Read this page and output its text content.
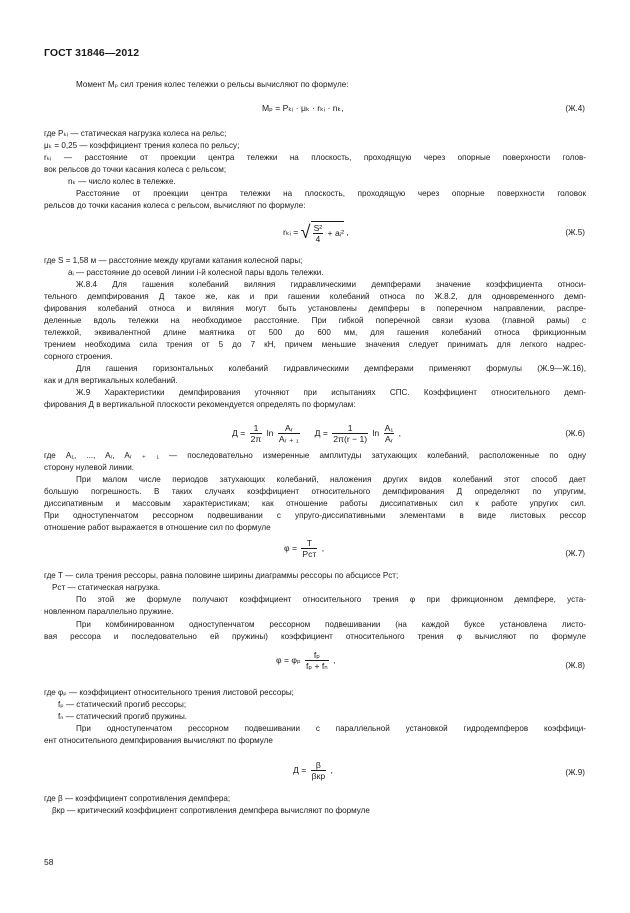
ГОСТ 31846—2012
Момент Mₚ сил трения колес тележки о рельсы вычисляют по формуле:
Mₚ = Pₖᵢ · μₖ · rₖᵢ · nₖ,	(Ж.4)
где Pₖᵢ — статическая нагрузка колеса на рельс;
μₖ = 0,25 — коэффициент трения колеса по рельсу;
rₖᵢ — расстояние от проекции центра тележки на плоскость, проходящую через опорные поверхности голов-
вок рельсов до точки касания колеса с рельсом;
nₖ — число колес в тележке.
Расстояние от проекции центра тележки на плоскость, проходящую через опорные поверхности головок
рельсов до точки касания колеса с рельсом, вычисляют по формуле:
rₖᵢ = √ $\frac{\text{S²}}{4}$ + aᵢ² ,	(Ж.5)
где S = 1,58 м — расстояние между кругами катания колесной пары;
aᵢ — расстояние до осевой линии i-й колесной пары вдоль тележки.
Ж.8.4 Для гашения колебаний виляния гидравлическими демпферами значение коэффициента относи-
тельного демпфирования Д такое же, как и при гашении колебаний относа по Ж.8.2, для одновременного демп-
фирования колебаний относа и виляния могут быть установлены демпферы в поперечном направлении, распре-
деленные вдоль тележки на необходимое расстояние. При гибкой поперечной связи кузова (главной рамы) с
тележкой, эквивалентной длине маятника от 500 до 600 мм, для гашения колебаний относа фрикционным
трением необходима сила трения от 5 до 7 кН, причем меньшие значения следует принимать для легкого надрес-
сорного строения.
Для гашения горизонтальных колебаний гидравлическими демпферами применяют формулы (Ж.9—Ж.16),
как и для вертикальных колебаний.
Ж.9 Характеристики демпфирования уточняют при испытаниях СПС. Коэффициент относительного демп-
фирования Д в вертикальной плоскости рекомендуется определять по формулам:
$Д = \frac{1}{2\pi}$ $\ln \frac{\text{Aᵣ}}{\text{Aᵣ ₊ ₁}}$ $Д = \frac{1}{2\pi(r - 1)}$ $\ln \frac{\text{A₁}}{\text{Aᵣ}}$ ,	(Ж.6)
где A₁, ..., Aᵣ, Aᵣ ₊ ₁ — последовательно измеренные амплитуды затухающих колебаний, расположенные по одну
сторону нулевой линии.
При малом числе периодов затухающих колебаний, наложения других видов колебаний этот способ дает
большую погрешность. В таких случаях коэффициент относительного демпфирования Д определяют по упругим,
диссипативным и массовым характеристикам; как отношение работы диссипативных сил к работе упругих сил.
При одноступенчатом рессорном подвешивании с упруго-диссипативными элементами в виде листовых рессор
отношение работ выражается в отношение сил по формуле
$\varphi = \frac{T}{\text{Pст}}$ ,
(Ж.7)
где T — сила трения рессоры, равна половине ширины диаграммы рессоры по абсциссе Pст;
Pст — статическая нагрузка.
По этой же формуле получают коэффициент относительного трения φ при фрикционном демпфере, уста-
новленном параллельно пружине.
При комбинированном одноступенчатом рессорном подвешивании (на каждой буксе установлена листо-
вая рессора и последовательно ей пружины) коэффициент относительного трения φ вычисляют по формуле
φ = φₚ $\frac{\text{fₚ}}{\text{fₚ + fₙ}}$ ,
(Ж.8)
где φₚ — коэффициент относительного трения листовой рессоры;
fₚ — статический прогиб рессоры;
fₙ — статический прогиб пружины.
При одноступенчатом рессорном подвешивании с параллельной установкой гидродемпферов коэффици-
ент относительного демпфирования вычисляют по формуле
$Д = \frac{\beta}{\text{βкр}}$ ,	(Ж.9)
где β — коэффициент сопротивления демпфера;
βкр — критический коэффициент сопротивления демпфера вычисляют по формуле
58
